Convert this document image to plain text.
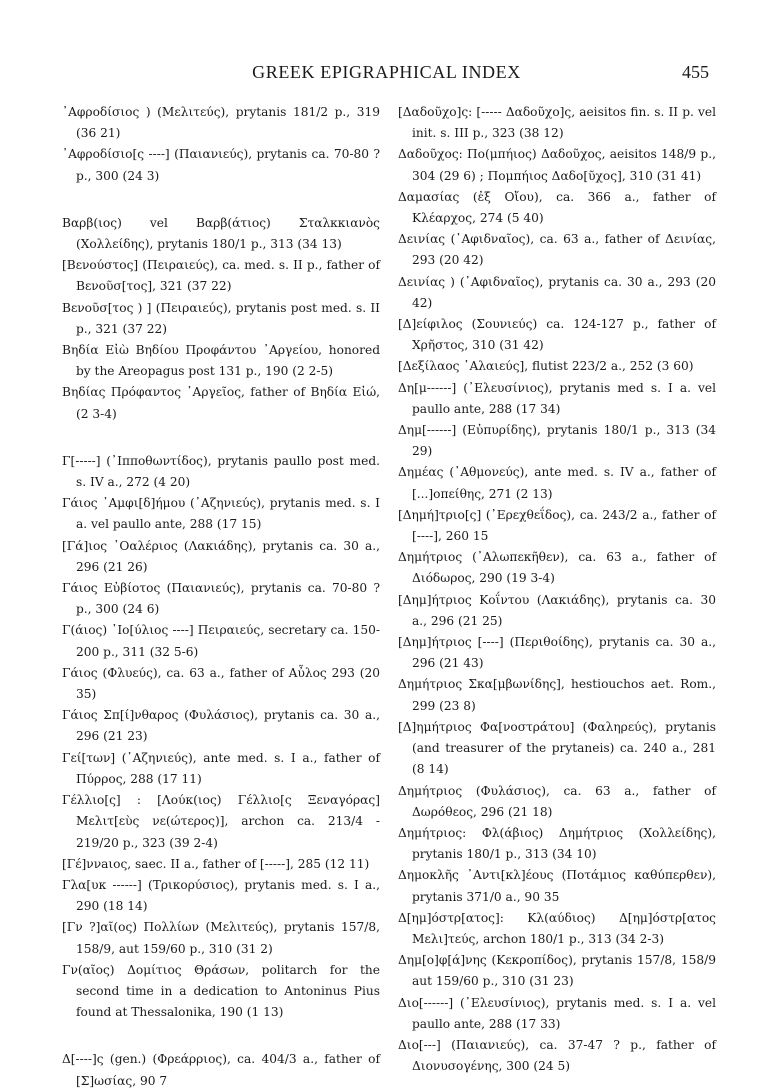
GREEK EPIGRAPHICAL INDEX	455

᾿Αφροδίσιος ) (Μελιτεύς), prytanis 181/2 p., 319 (36 21)

᾿Αφροδίσιο[ς ----] (Παιανιεύς), prytanis ca. 70-80 ? p., 300 (24 3)

Βαρβ(ιος) vel Βαρβ(άτιος) Σταλκκιανὸς (Χολλείδης), prytanis 180/1 p., 313 (34 13)

[Βενούστος] (Πειραιεύς), ca. med. s. II p., father of Βενοῦσ[τος], 321 (37 22)

Βενοῦσ[τος ) ] (Πειραιεύς), prytanis post med. s. II p., 321 (37 22)

Βηδία Εἰὼ Βηδίου Προφάντου ᾿Αργείου, honored by the Areopagus post 131 p., 190 (2 2-5)

Βηδίας Πρόφαντος ᾿Αργεῖος, father of Βηδία Εἰώ, (2 3-4)

Γ[-----] (᾿Ιπποθωντίδος), prytanis paullo post med. s. IV a., 272 (4 20)

Γάιος ᾿Αμφι[δ]ήμου (᾿Αζηνιεύς), prytanis med. s. I a. vel paullo ante, 288 (17 15)

[Γά]ιος ᾿Οαλέριος (Λακιάδης), prytanis ca. 30 a., 296 (21 26)

Γάιος Εὐβίοτος (Παιανιεύς), prytanis ca. 70-80 ? p., 300 (24 6)

Γ(άιος) ᾿Ιο[ύλιος ----] Πειραιεύς, secretary ca. 150-200 p., 311 (32 5-6)

Γάιος (Φλυεύς), ca. 63 a., father of Αὖλος 293 (20 35)

Γάιος Σπ[ί]νθαρος (Φυλάσιος), prytanis ca. 30 a., 296 (21 23)

Γεί[των] (᾿Αζηνιεύς), ante med. s. I a., father of Πύρρος, 288 (17 11)

Γέλλιο[ς] : [Λούκ(ιος) Γέλλιο[ς Ξεναγόρας] Μελιτ[εὺς νε(ώτερος)], archon ca. 213/4 - 219/20 p., 323 (39 2-4)

[Γέ]ννaιος, saec. II a., father of [-----], 285 (12 11)

Γλα[υκ ------] (Τρικορύσιος), prytanis med. s. I a., 290 (18 14)

[Γν ?]αῖ(ος) Πολλίων (Μελιτεύς), prytanis 157/8, 158/9, aut 159/60 p., 310 (31 2)

Γν(αῖος) Δομίτιος Θράσων, politarch for the second time in a dedication to Antoninus Pius found at Thessalonika, 190 (1 13)

Δ[----]ς (gen.) (Φρεάρριος), ca. 404/3 a., father of [Σ]ωσίας, 90 7

[Δαδοῦχο]ς: [----- Δαδοῦχο]ς, aeisitos fin. s. II p. vel init. s. III p., 323 (38 12)

Δαδοῦχος: Πο(μπήιος) Δαδοῦχος, aeisitos 148/9 p., 304 (29 6) ; Πομπήιος Δαδο[ῦχος], 310 (31 41)

Δαμασίας (ἐξ Οἴου), ca. 366 a., father of Κλέαρχος, 274 (5 40)

Δεινίας (᾿Αφιδναῖος), ca. 63 a., father of Δεινίας, 293 (20 42)

Δεινίας ) (᾿Αφιδναῖος), prytanis ca. 30 a., 293 (20 42)

[Δ]είφιλος (Σουνιεύς) ca. 124-127 p., father of Χρῆστος, 310 (31 42)

[Δεξίλαος ῾Αλαιεύς], flutist 223/2 a., 252 (3 60)

Δη[μ------] (᾿Ελευσίνιος), prytanis med s. I a. vel paullo ante, 288 (17 34)

Δημ[------] (Εὐπυρίδης), prytanis 180/1 p., 313 (34 29)

Δημέας (᾿Αθμονεύς), ante med. s. IV a., father of [...]οπείθης, 271 (2 13)

[Δημή]τριο[ς] (᾿Ερεχθεΐδος), ca. 243/2 a., father of [----], 260 15

Δημήτριος (᾿Αλωπεκῆθεν), ca. 63 a., father of Διόδωρος, 290 (19 3-4)

[Δημ]ήτριος Κοΐντου (Λακιάδης), prytanis ca. 30 a., 296 (21 25)

[Δημ]ήτριος [----] (Περιθοίδης), prytanis ca. 30 a., 296 (21 43)

Δημήτριος Σκα[μβωνίδης], hestiouchos aet. Rom., 299 (23 8)

[Δ]ημήτριος Φα[νοστράτου] (Φαληρεύς), prytanis (and treasurer of the prytaneis) ca. 240 a., 281 (8 14)

Δημήτριος (Φυλάσιος), ca. 63 a., father of Δωρόθεος, 296 (21 18)

Δημήτριος: Φλ(άβιος) Δημήτριος (Χολλείδης), prytanis 180/1 p., 313 (34 10)

Δημοκλῆς ᾿Αντι[κλ]έους (Ποτάμιος καθύπερθεν), prytanis 371/0 a., 90 35

Δ[ημ]όστρ[ατος]: Κλ(αύδιος) Δ[ημ]όστρ[ατος Μελι]τεύς, archon 180/1 p., 313 (34 2-3)

Δημ[ο]φ[ά]νης (Κεκροπίδος), prytanis 157/8, 158/9 aut 159/60 p., 310 (31 23)

Διο[------] (᾿Ελευσίνιος), prytanis med. s. I a. vel paullo ante, 288 (17 33)

Διο[---] (Παιανιεύς), ca. 37-47 ? p., father of Διονυσογένης, 300 (24 5)
